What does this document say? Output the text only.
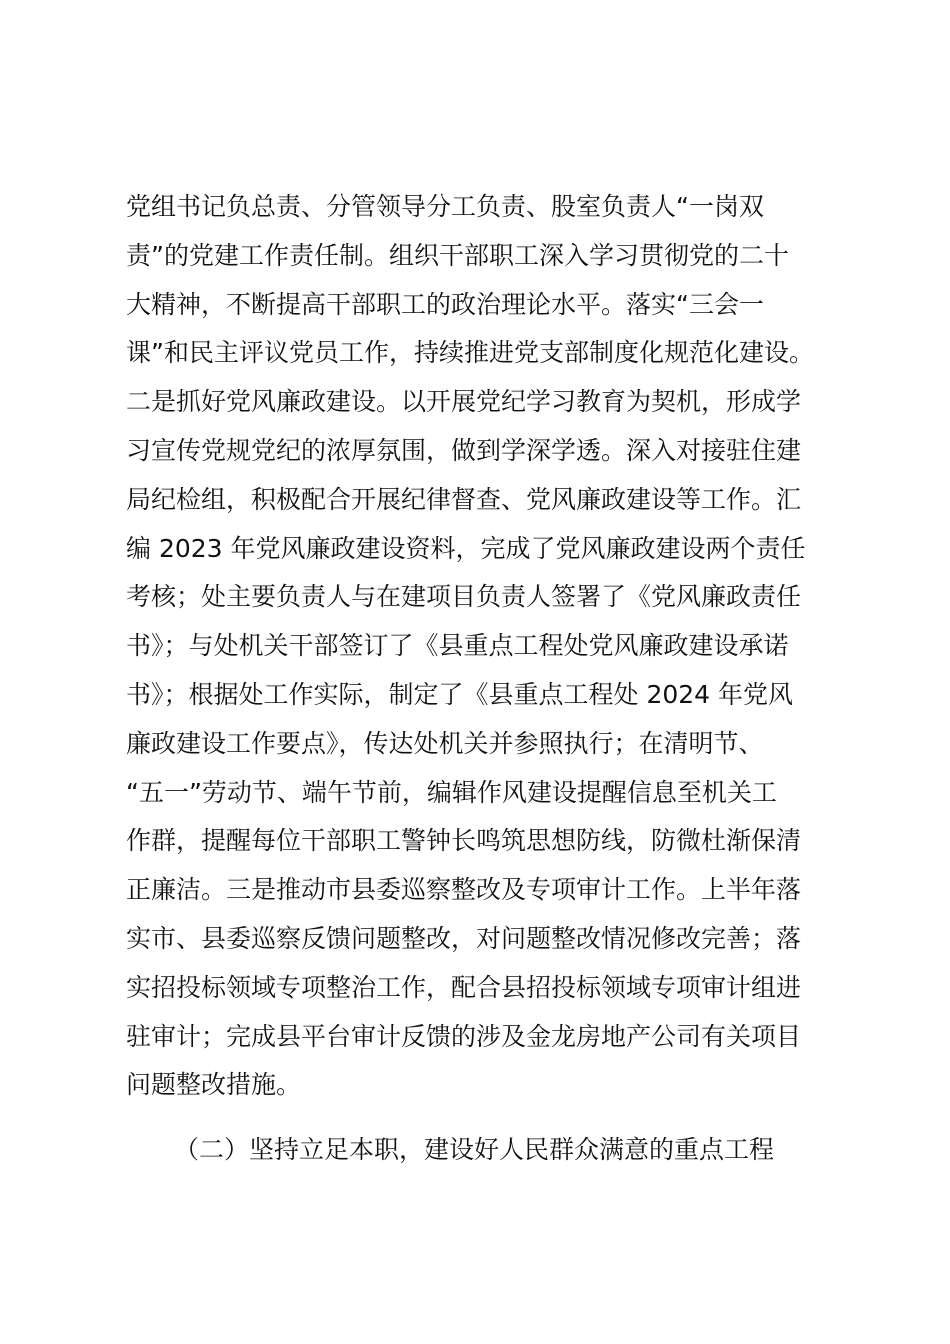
党组书记负总责、分管领导分工负责、股室负责人“一岗双
责”的党建工作责任制。组织干部职工深入学习贯彻党的二十
大精神，不断提高干部职工的政治理论水平。落实“三会一
课”和民主评议党员工作，持续推进党支部制度化规范化建设。
二是抓好党风廉政建设。以开展党纪学习教育为契机，形成学
习宣传党规党纪的浓厚氛围，做到学深学透。深入对接驻住建
局纪检组，积极配合开展纪律督查、党风廉政建设等工作。汇
编 2023 年党风廉政建设资料，完成了党风廉政建设两个责任
考核；处主要负责人与在建项目负责人签署了《党风廉政责任
书》；与处机关干部签订了《县重点工程处党风廉政建设承诺
书》；根据处工作实际，制定了《县重点工程处 2024 年党风
廉政建设工作要点》，传达处机关并参照执行；在清明节、
“五一”劳动节、端午节前，编辑作风建设提醒信息至机关工
作群，提醒每位干部职工警钟长鸣筑思想防线，防微杜渐保清
正廉洁。三是推动市县委巡察整改及专项审计工作。上半年落
实市、县委巡察反馈问题整改，对问题整改情况修改完善；落
实招投标领域专项整治工作，配合县招投标领域专项审计组进
驻审计；完成县平台审计反馈的涉及金龙房地产公司有关项目
问题整改措施。
（二）坚持立足本职，建设好人民群众满意的重点工程
